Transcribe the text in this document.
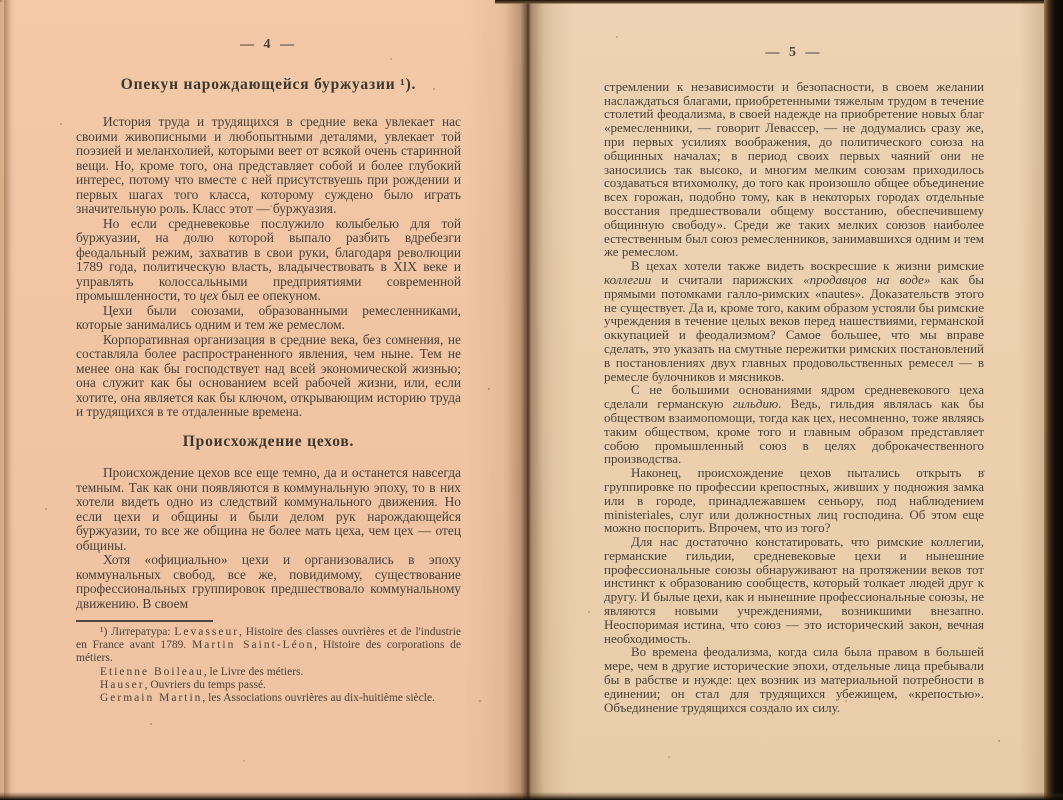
— 4 —
Опекун нарождающейся буржуазии ¹).

История труда и трудящихся в средние века увлекает нас своими живописными и любопытными деталями, увлекает той поэзией и меланхолией, которыми веет от всякой очень старинной вещи. Но, кроме того, она представляет собой и более глубокий интерес, потому что вместе с ней присутствуешь при рождении и первых шагах того класса, которому суждено было играть значительную роль. Класс этот — буржуазия.

Но если средневековье послужило колыбелью для той буржуазии, на долю которой выпало разбить вдребезги феодальный режим, захватив в свои руки, благодаря революции 1789 года, политическую власть, владычествовать в XIX веке и управлять колоссальными предприятиями современной промышленности, то цех был ее опекуном.

Цехи были союзами, образованными ремесленниками, которые занимались одним и тем же ремеслом.

Корпоративная организация в средние века, без сомнения, не составляла более распространенного явления, чем ныне. Тем не менее она как бы господствует над всей экономической жизнью; она служит как бы основанием всей рабочей жизни, или, если хотите, она является как бы ключом, открывающим историю труда и трудящихся в те отдаленные времена.

Происхождение цехов.

Происхождение цехов все еще темно, да и останется навсегда темным. Так как они появляются в коммунальную эпоху, то в них хотели видеть одно из следствий коммунального движения. Но если цехи и общины и были делом рук нарождающейся буржуазии, то все же община не более мать цеха, чем цех — отец общины.

Хотя «официально» цехи и организовались в эпоху коммунальных свобод, все же, повидимому, существование профессиональных группировок предшествовало коммунальному движению. В своем

¹) Литература: Levasseur, Histoire des classes ouvrières et de l'industrie en France avant 1789. Martin Saint-Léon, Histoire des corporations de métiers.

Etienne Boileau, le Livre des métiers.

Hauser, Ouvriers du temps passé.

Germain Martin, les Associations ouvrières au dix-huitième siècle.

— 5 —

стремлении к независимости и безопасности, в своем желании наслаждаться благами, приобретенными тяжелым трудом в течение столетий феодализма, в своей надежде на приобретение новых благ «ремесленники, — говорит Левассер, — не додумались сразу же, при первых усилиях воображения, до политического союза на общинных началах; в период своих первых чаяний они не заносились так высоко, и многим мелким союзам приходилось создаваться втихомолку, до того как произошло общее объединение всех горожан, подобно тому, как в некоторых городах отдельные восстания предшествовали общему восстанию, обеспечившему общинную свободу». Среди же таких мелких союзов наиболее естественным был союз ремесленников, занимавшихся одним и тем же ремеслом.

В цехах хотели также видеть воскресшие к жизни римские коллегии и считали парижских «продавцов на воде» как бы прямыми потомками галло-римских «nautes». Доказательств этого не существует. Да и, кроме того, каким образом устояли бы римские учреждения в течение целых веков перед нашествиями, германской оккупацией и феодализмом? Самое большее, что мы вправе сделать, это указать на смутные пережитки римских постановлений в постановлениях двух главных продовольственных ремесел — в ремесле булочников и мясников.

С не большими основаниями ядром средневекового цеха сделали германскую гильдию. Ведь, гильдия являлась как бы обществом взаимопомощи, тогда как цех, несомненно, тоже являясь таким обществом, кроме того и главным образом представляет собою промышленный союз в целях доброкачественного производства.

Наконец, происхождение цехов пытались открыть в группировке по профессии крепостных, живших у подножия замка или в городе, принадлежавшем сеньору, под наблюдением ministeriales, слуг или должностных лиц господина. Об этом еще можно поспорить. Впрочем, что из того?

Для нас достаточно констатировать, что римские коллегии, германские гильдии, средневековые цехи и нынешние профессиональные союзы обнаруживают на протяжении веков тот инстинкт к образованию сообществ, который толкает людей друг к другу. И былые цехи, как и нынешние профессиональные союзы, не являются новыми учреждениями, возникшими внезапно. Неоспоримая истина, что союз — это исторический закон, вечная необходимость.

Во времена феодализма, когда сила была правом в большей мере, чем в другие исторические эпохи, отдельные лица пребывали бы в рабстве и нужде: цех возник из материальной потребности в единении; он стал для трудящихся убежищем, «крепостью». Объединение трудящихся создало их силу.
